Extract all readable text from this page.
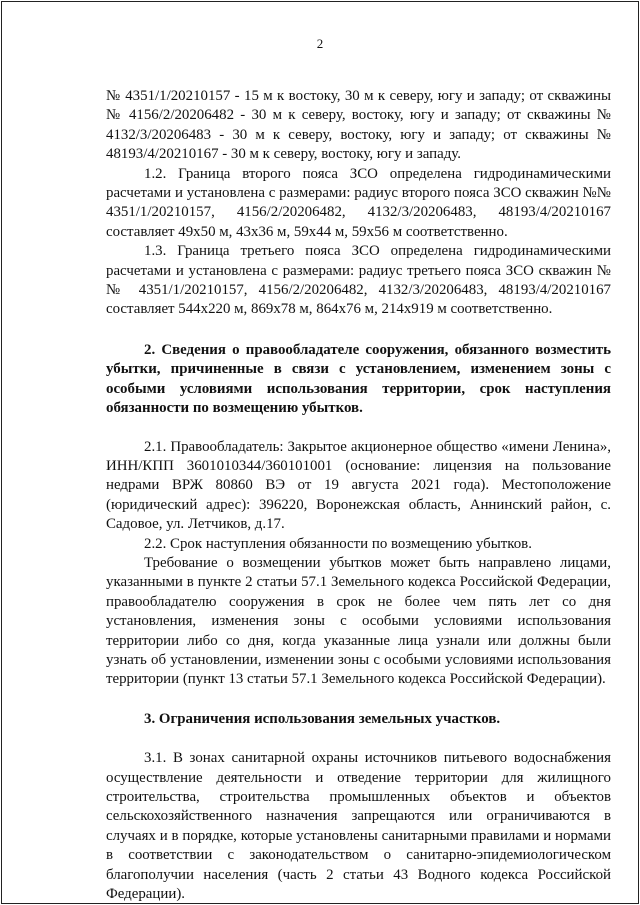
2

№ 4351/1/20210157 - 15 м к востоку, 30 м к северу, югу и западу; от скважины № 4156/2/20206482 - 30 м к северу, востоку, югу и западу; от скважины № 4132/3/20206483 - 30 м к северу, востоку, югу и западу; от скважины № 48193/4/20210167 - 30 м к северу, востоку, югу и западу.

1.2. Граница второго пояса ЗСО определена гидродинамическими расчетами и установлена с размерами: радиус второго пояса ЗСО скважин №№ 4351/1/20210157, 4156/2/20206482, 4132/3/20206483, 48193/4/20210167 составляет 49x50 м, 43x36 м, 59x44 м, 59x56 м соответственно.

1.3. Граница третьего пояса ЗСО определена гидродинамическими расчетами и установлена с размерами: радиус третьего пояса ЗСО скважин №№ 4351/1/20210157, 4156/2/20206482, 4132/3/20206483, 48193/4/20210167 составляет 544x220 м, 869x78 м, 864x76 м, 214x919 м соответственно.

2. Сведения о правообладателе сооружения, обязанного возместить убытки, причиненные в связи с установлением, изменением зоны с особыми условиями использования территории, срок наступления обязанности по возмещению убытков.

2.1. Правообладатель: Закрытое акционерное общество «имени Ленина», ИНН/КПП 3601010344/360101001 (основание: лицензия на пользование недрами ВРЖ 80860 ВЭ от 19 августа 2021 года). Местоположение (юридический адрес): 396220, Воронежская область, Аннинский район, с. Садовое, ул. Летчиков, д.17.

2.2. Срок наступления обязанности по возмещению убытков.

Требование о возмещении убытков может быть направлено лицами, указанными в пункте 2 статьи 57.1 Земельного кодекса Российской Федерации, правообладателю сооружения в срок не более чем пять лет со дня установления, изменения зоны с особыми условиями использования территории либо со дня, когда указанные лица узнали или должны были узнать об установлении, изменении зоны с особыми условиями использования территории (пункт 13 статьи 57.1 Земельного кодекса Российской Федерации).

3. Ограничения использования земельных участков.

3.1. В зонах санитарной охраны источников питьевого водоснабжения осуществление деятельности и отведение территории для жилищного строительства, строительства промышленных объектов и объектов сельскохозяйственного назначения запрещаются или ограничиваются в случаях и в порядке, которые установлены санитарными правилами и нормами в соответствии с законодательством о санитарно-эпидемиологическом благополучии населения (часть 2 статьи 43 Водного кодекса Российской Федерации).
